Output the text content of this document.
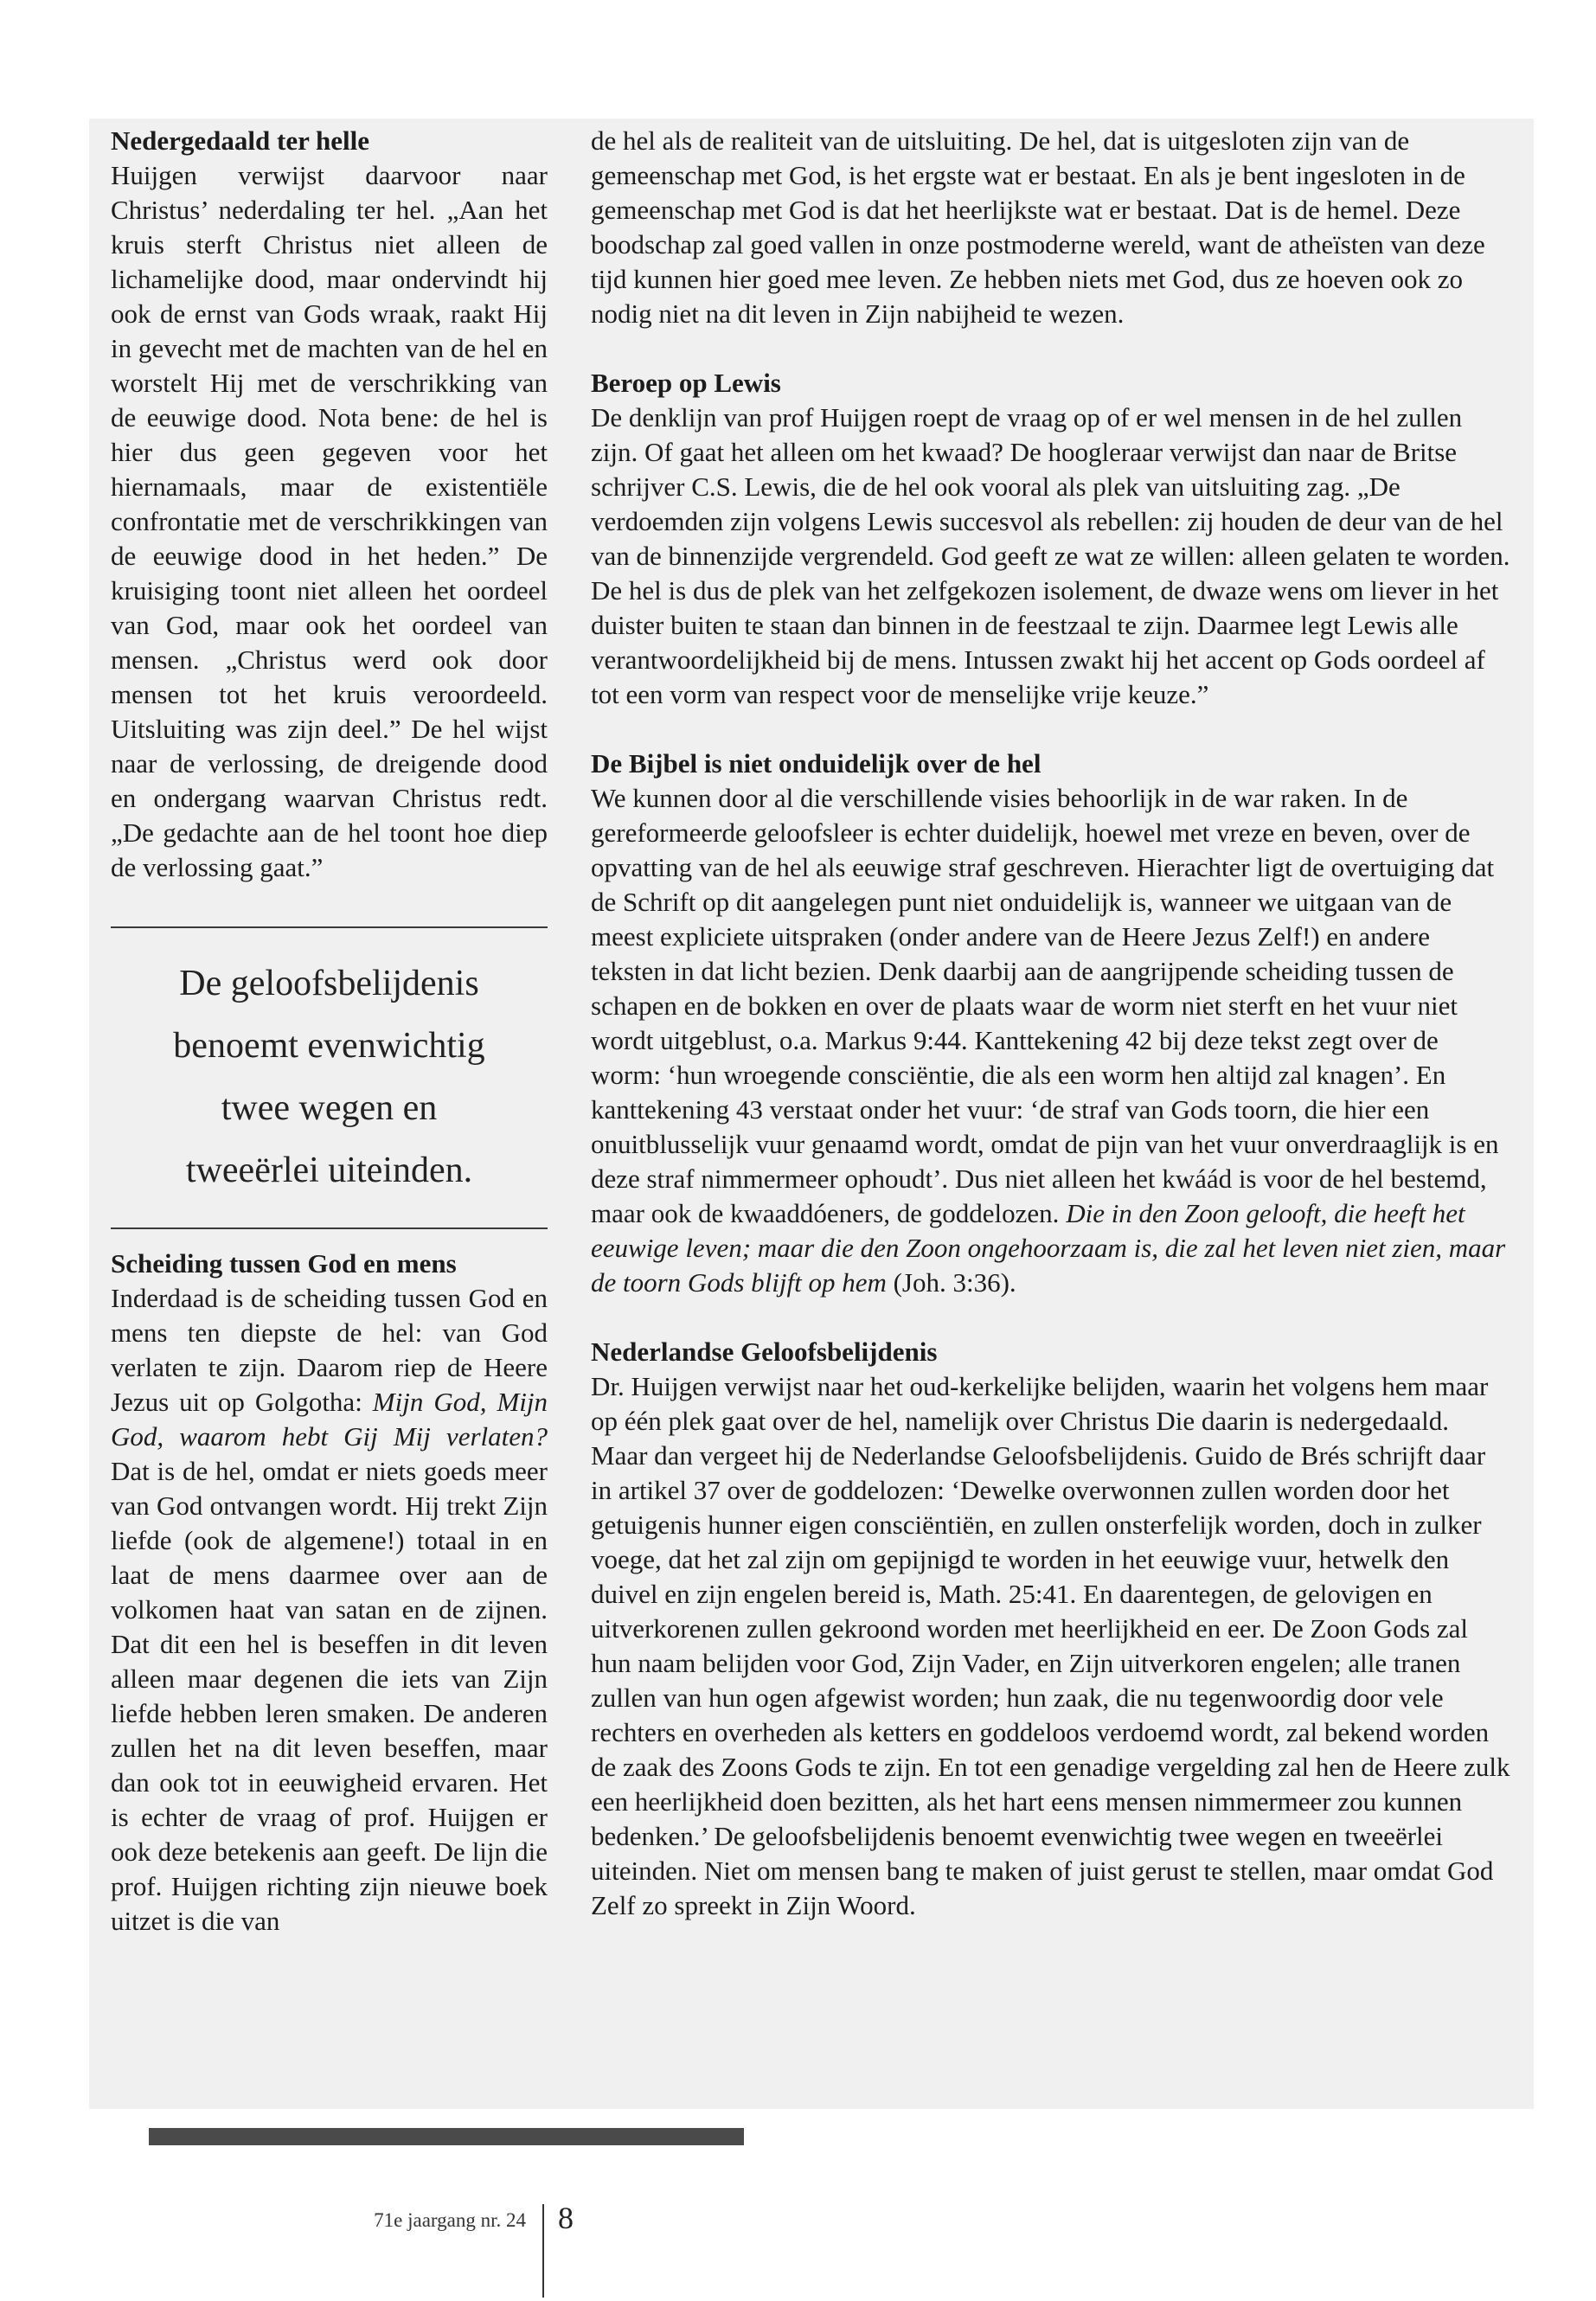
Nedergedaald ter helle

Huijgen verwijst daarvoor naar Christus’ nederdaling ter hel. „Aan het kruis sterft Christus niet alleen de lichamelijke dood, maar ondervindt hij ook de ernst van Gods wraak, raakt Hij in gevecht met de machten van de hel en worstelt Hij met de verschrikking van de eeuwige dood. Nota bene: de hel is hier dus geen gegeven voor het hiernamaals, maar de existentiële confrontatie met de verschrikkingen van de eeuwige dood in het heden.” De kruisiging toont niet alleen het oordeel van God, maar ook het oordeel van mensen. „Christus werd ook door mensen tot het kruis veroordeeld. Uitsluiting was zijn deel.” De hel wijst naar de verlossing, de dreigende dood en ondergang waarvan Christus redt. „De gedachte aan de hel toont hoe diep de verlossing gaat.”

De geloofsbelijdenis
benoemt evenwichtig
twee wegen en
tweeërlei uiteinden.
Scheiding tussen God en mens

Inderdaad is de scheiding tussen God en mens ten diepste de hel: van God verlaten te zijn. Daarom riep de Heere Jezus uit op Golgotha: Mijn God, Mijn God, waarom hebt Gij Mij verlaten? Dat is de hel, omdat er niets goeds meer van God ontvangen wordt. Hij trekt Zijn liefde (ook de algemene!) totaal in en laat de mens daarmee over aan de volkomen haat van satan en de zijnen. Dat dit een hel is beseffen in dit leven alleen maar degenen die iets van Zijn liefde hebben leren smaken. De anderen zullen het na dit leven beseffen, maar dan ook tot in eeuwigheid ervaren. Het is echter de vraag of prof. Huijgen er ook deze betekenis aan geeft. De lijn die prof. Huijgen richting zijn nieuwe boek uitzet is die van

de hel als de realiteit van de uitsluiting. De hel, dat is uitgesloten zijn van de gemeenschap met God, is het ergste wat er bestaat. En als je bent ingesloten in de gemeenschap met God is dat het heerlijkste wat er bestaat. Dat is de hemel. Deze boodschap zal goed vallen in onze postmoderne wereld, want de atheïsten van deze tijd kunnen hier goed mee leven. Ze hebben niets met God, dus ze hoeven ook zo nodig niet na dit leven in Zijn nabijheid te wezen.

Beroep op Lewis

De denklijn van prof Huijgen roept de vraag op of er wel mensen in de hel zullen zijn. Of gaat het alleen om het kwaad? De hoogleraar verwijst dan naar de Britse schrijver C.S. Lewis, die de hel ook vooral als plek van uitsluiting zag. „De verdoemden zijn volgens Lewis succesvol als rebellen: zij houden de deur van de hel van de binnenzijde vergrendeld. God geeft ze wat ze willen: alleen gelaten te worden. De hel is dus de plek van het zelfgekozen isolement, de dwaze wens om liever in het duister buiten te staan dan binnen in de feestzaal te zijn. Daarmee legt Lewis alle verantwoordelijkheid bij de mens. Intussen zwakt hij het accent op Gods oordeel af tot een vorm van respect voor de menselijke vrije keuze.”

De Bijbel is niet onduidelijk over de hel

We kunnen door al die verschillende visies behoorlijk in de war raken. In de gereformeerde geloofsleer is echter duidelijk, hoewel met vreze en beven, over de opvatting van de hel als eeuwige straf geschreven. Hierachter ligt de overtuiging dat de Schrift op dit aangelegen punt niet onduidelijk is, wanneer we uitgaan van de meest expliciete uitspraken (onder andere van de Heere Jezus Zelf!) en andere teksten in dat licht bezien. Denk daarbij aan de aangrijpende scheiding tussen de schapen en de bokken en over de plaats waar de worm niet sterft en het vuur niet wordt uitgeblust, o.a. Markus 9:44. Kanttekening 42 bij deze tekst zegt over de worm: ‘hun wroegende consciëntie, die als een worm hen altijd zal knagen’. En kanttekening 43 verstaat onder het vuur: ‘de straf van Gods toorn, die hier een onuitblusselijk vuur genaamd wordt, omdat de pijn van het vuur onverdraaglijk is en deze straf nimmermeer ophoudt’. Dus niet alleen het kwáád is voor de hel bestemd, maar ook de kwaaddóeners, de goddelozen. Die in den Zoon gelooft, die heeft het eeuwige leven; maar die den Zoon ongehoorzaam is, die zal het leven niet zien, maar de toorn Gods blijft op hem (Joh. 3:36).

Nederlandse Geloofsbelijdenis

Dr. Huijgen verwijst naar het oud-kerkelijke belijden, waarin het volgens hem maar op één plek gaat over de hel, namelijk over Christus Die daarin is nedergedaald. Maar dan vergeet hij de Nederlandse Geloofsbelijdenis. Guido de Brés schrijft daar in artikel 37 over de goddelozen: ‘Dewelke overwonnen zullen worden door het getuigenis hunner eigen consciëntiën, en zullen onsterfelijk worden, doch in zulker voege, dat het zal zijn om gepijnigd te worden in het eeuwige vuur, hetwelk den duivel en zijn engelen bereid is, Math. 25:41. En daarentegen, de gelovigen en uitverkorenen zullen gekroond worden met heerlijkheid en eer. De Zoon Gods zal hun naam belijden voor God, Zijn Vader, en Zijn uitverkoren engelen; alle tranen zullen van hun ogen afgewist worden; hun zaak, die nu tegenwoordig door vele rechters en overheden als ketters en goddeloos verdoemd wordt, zal bekend worden de zaak des Zoons Gods te zijn. En tot een genadige vergelding zal hen de Heere zulk een heerlijkheid doen bezitten, als het hart eens mensen nimmermeer zou kunnen bedenken.’ De geloofsbelijdenis benoemt evenwichtig twee wegen en tweeërlei uiteinden. Niet om mensen bang te maken of juist gerust te stellen, maar omdat God Zelf zo spreekt in Zijn Woord.

71e jaargang nr. 24 8
